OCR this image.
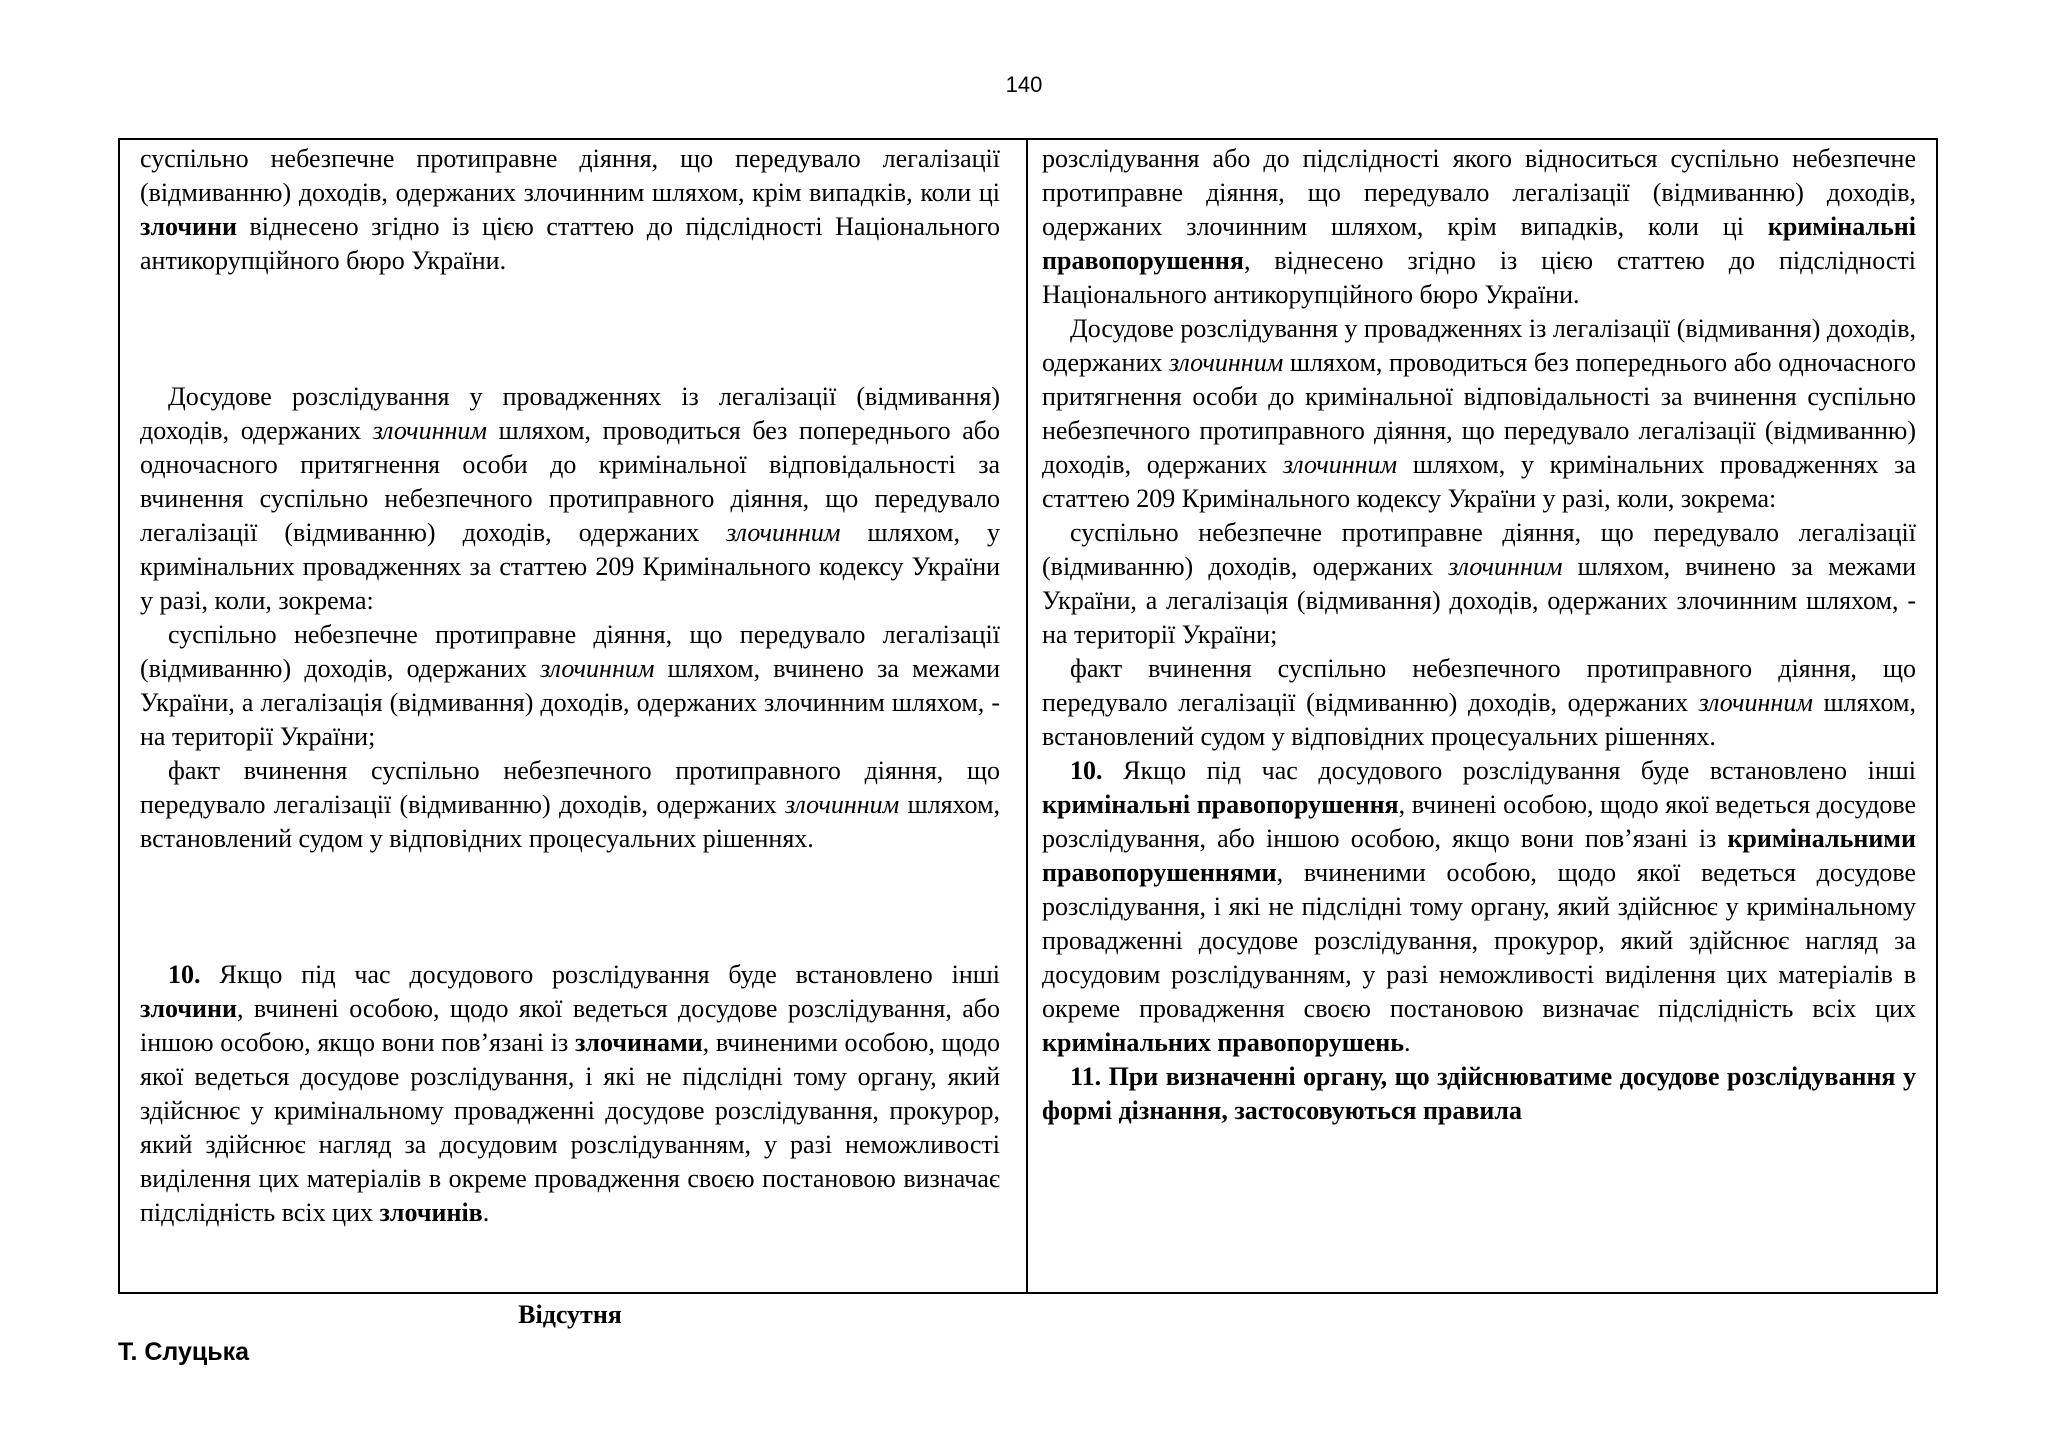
140

суспільно небезпечне протиправне діяння, що передувало легалізації (відмиванню) доходів, одержаних злочинним шляхом, крім випадків, коли ці злочини віднесено згідно із цією статтею до підслідності Національного антикорупційного бюро України.

Досудове розслідування у провадженнях із легалізації (відмивання) доходів, одержаних злочинним шляхом, проводиться без попереднього або одночасного притягнення особи до кримінальної відповідальності за вчинення суспільно небезпечного протиправного діяння, що передувало легалізації (відмиванню) доходів, одержаних злочинним шляхом, у кримінальних провадженнях за статтею 209 Кримінального кодексу України у разі, коли, зокрема:

суспільно небезпечне протиправне діяння, що передувало легалізації (відмиванню) доходів, одержаних злочинним шляхом, вчинено за межами України, а легалізація (відмивання) доходів, одержаних злочинним шляхом, - на території України;

факт вчинення суспільно небезпечного протиправного діяння, що передувало легалізації (відмиванню) доходів, одержаних злочинним шляхом, встановлений судом у відповідних процесуальних рішеннях.

10. Якщо під час досудового розслідування буде встановлено інші злочини, вчинені особою, щодо якої ведеться досудове розслідування, або іншою особою, якщо вони пов’язані із злочинами, вчиненими особою, щодо якої ведеться досудове розслідування, і які не підслідні тому органу, який здійснює у кримінальному провадженні досудове розслідування, прокурор, який здійснює нагляд за досудовим розслідуванням, у разі неможливості виділення цих матеріалів в окреме провадження своєю постановою визначає підслідність всіх цих злочинів.

Відсутня

розслідування або до підслідності якого відноситься суспільно небезпечне протиправне діяння, що передувало легалізації (відмиванню) доходів, одержаних злочинним шляхом, крім випадків, коли ці кримінальні правопорушення, віднесено згідно із цією статтею до підслідності Національного антикорупційного бюро України.

Досудове розслідування у провадженнях із легалізації (відмивання) доходів, одержаних злочинним шляхом, проводиться без попереднього або одночасного притягнення особи до кримінальної відповідальності за вчинення суспільно небезпечного протиправного діяння, що передувало легалізації (відмиванню) доходів, одержаних злочинним шляхом, у кримінальних провадженнях за статтею 209 Кримінального кодексу України у разі, коли, зокрема:

суспільно небезпечне протиправне діяння, що передувало легалізації (відмиванню) доходів, одержаних злочинним шляхом, вчинено за межами України, а легалізація (відмивання) доходів, одержаних злочинним шляхом, - на території України;

факт вчинення суспільно небезпечного протиправного діяння, що передувало легалізації (відмиванню) доходів, одержаних злочинним шляхом, встановлений судом у відповідних процесуальних рішеннях.

10. Якщо під час досудового розслідування буде встановлено інші кримінальні правопорушення, вчинені особою, щодо якої ведеться досудове розслідування, або іншою особою, якщо вони пов’язані із кримінальними правопорушеннями, вчиненими особою, щодо якої ведеться досудове розслідування, і які не підслідні тому органу, який здійснює у кримінальному провадженні досудове розслідування, прокурор, який здійснює нагляд за досудовим розслідуванням, у разі неможливості виділення цих матеріалів в окреме провадження своєю постановою визначає підслідність всіх цих кримінальних правопорушень.

11. При визначенні органу, що здійснюватиме досудове розслідування у формі дізнання, застосовуються правила

Т. Слуцька
